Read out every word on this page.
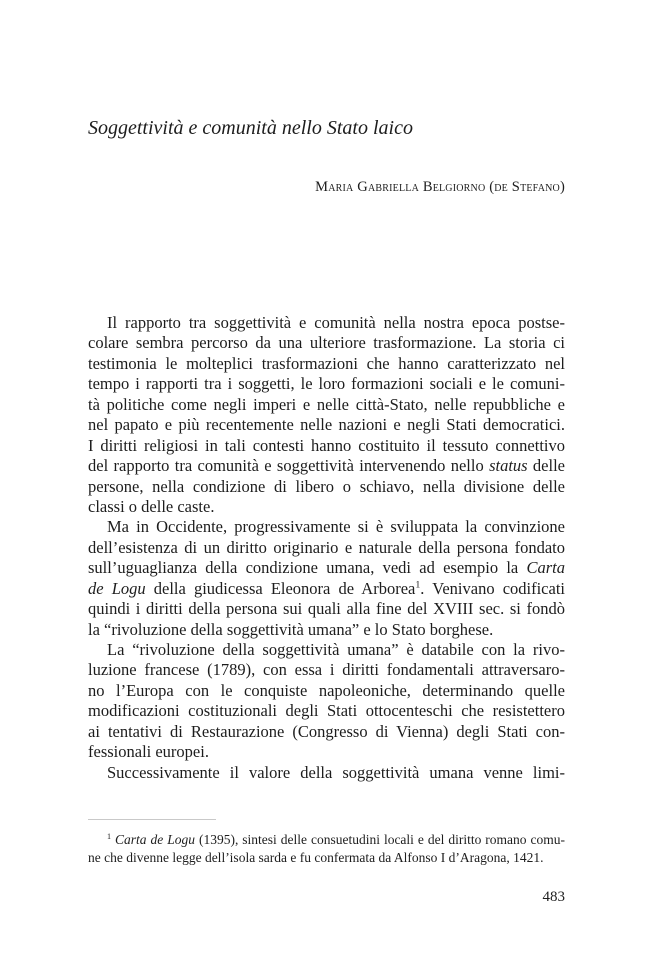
Soggettività e comunità nello Stato laico
Maria Gabriella Belgiorno (de Stefano)
Il rapporto tra soggettività e comunità nella nostra epoca postse-
colare sembra percorso da una ulteriore trasformazione. La storia ci
testimonia le molteplici trasformazioni che hanno caratterizzato nel
tempo i rapporti tra i soggetti, le loro formazioni sociali e le comuni-
tà politiche come negli imperi e nelle città-Stato, nelle repubbliche e
nel papato e più recentemente nelle nazioni e negli Stati democratici.
I diritti religiosi in tali contesti hanno costituito il tessuto connettivo
del rapporto tra comunità e soggettività intervenendo nello status delle
persone, nella condizione di libero o schiavo, nella divisione delle
classi o delle caste.
Ma in Occidente, progressivamente si è sviluppata la convinzione
dell’esistenza di un diritto originario e naturale della persona fondato
sull’uguaglianza della condizione umana, vedi ad esempio la Carta
de Logu della giudicessa Eleonora de Arborea$^1$. Venivano codificati
quindi i diritti della persona sui quali alla fine del XVIII sec. si fondò
la “rivoluzione della soggettività umana” e lo Stato borghese.
La “rivoluzione della soggettività umana” è databile con la rivo-
luzione francese (1789), con essa i diritti fondamentali attraversaro-
no l’Europa con le conquiste napoleoniche, determinando quelle
modificazioni costituzionali degli Stati ottocenteschi che resistettero
ai tentativi di Restaurazione (Congresso di Vienna) degli Stati con-
fessionali europei.
Successivamente il valore della soggettività umana venne limi-
$^1$ Carta de Logu (1395), sintesi delle consuetudini locali e del diritto romano comu-
ne che divenne legge dell’isola sarda e fu confermata da Alfonso I d’Aragona, 1421.
483
